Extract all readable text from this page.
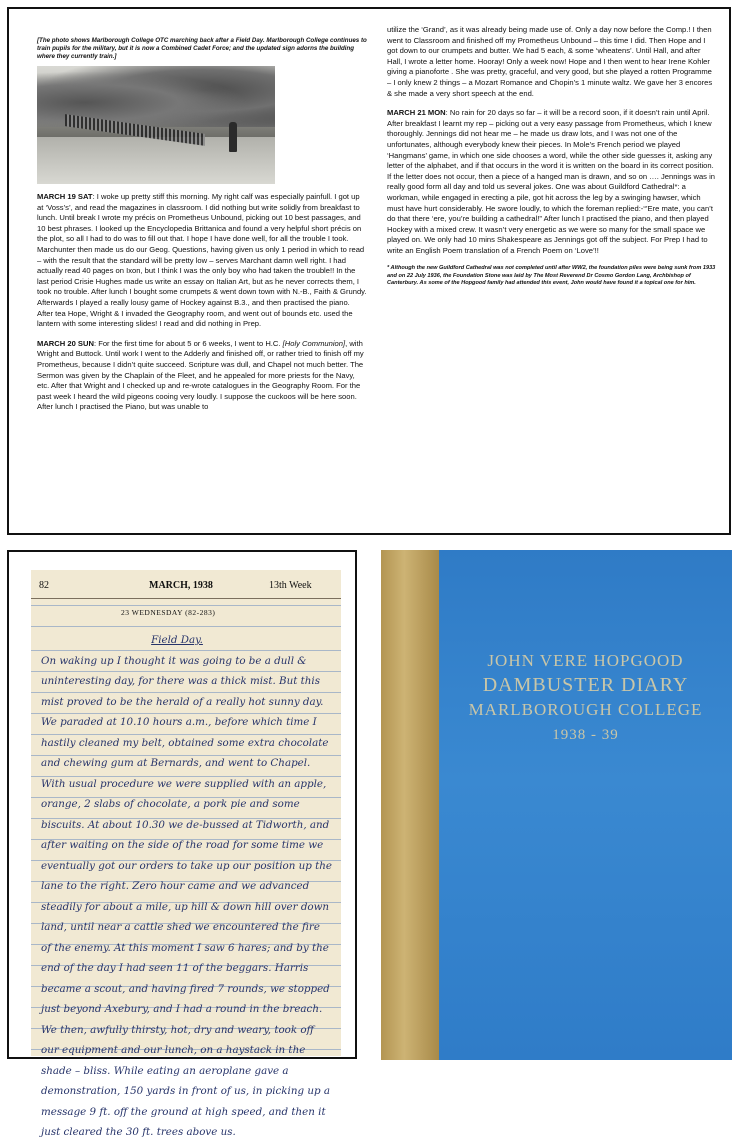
[The photo shows Marlborough College OTC marching back after a Field Day. Marlborough College continues to train pupils for the military, but it is now a Combined Cadet Force; and the updated sign adorns the building where they currently train.]

MARCH 19 SAT: I woke up pretty stiff this morning. My right calf was especially painfull. I got up at ‘Voss’s’, and read the magazines in classroom. I did nothing but write solidly from breakfast to lunch. Until break I wrote my précis on Prometheus Unbound, picking out 10 best passages, and 10 best phrases. I looked up the Encyclopedia Brittanica and found a very helpful short précis on the plot, so all I had to do was to fill out that. I hope I have done well, for all the trouble I took. Marchunter then made us do our Geog. Questions, having given us only 1 period in which to read – with the result that the standard will be pretty low – serves Marchant damn well right. I had actually read 40 pages on Ixon, but I think I was the only boy who had taken the trouble!! In the last period Crisie Hughes made us write an essay on Italian Art, but as he never corrects them, I took no trouble. After lunch I bought some crumpets & went down town with N.-B., Faith & Grundy. Afterwards I played a really lousy game of Hockey against B.3., and then practised the piano. After tea Hope, Wright & I invaded the Geography room, and went out of bounds etc. used the lantern with some interesting slides! I read and did nothing in Prep.

MARCH 20 SUN: For the first time for about 5 or 6 weeks, I went to H.C. [Holy Communion], with Wright and Buttock. Until work I went to the Adderly and finished off, or rather tried to finish off my Prometheus, because I didn’t quite succeed. Scripture was dull, and Chapel not much better. The Sermon was given by the Chaplain of the Fleet, and he appealed for more priests for the Navy, etc. After that Wright and I checked up and re-wrote catalogues in the Geography Room. For the past week I heard the wild pigeons cooing very loudly. I suppose the cuckoos will be here soon. After lunch I practised the Piano, but was unable to

utilize the ‘Grand’, as it was already being made use of. Only a day now before the Comp.! I then went to Classroom and finished off my Prometheus Unbound – this time I did. Then Hope and I got down to our crumpets and butter. We had 5 each, & some ‘wheatens’. Until Hall, and after Hall, I wrote a letter home. Hooray! Only a week now! Hope and I then went to hear Irene Kohler giving a pianoforte . She was pretty, graceful, and very good, but she played a rotten Programme – I only knew 2 things – a Mozart Romance and Chopin’s 1 minute waltz. We gave her 3 encores & she made a very short speech at the end.

MARCH 21 MON: No rain for 20 days so far – it will be a record soon, if it doesn’t rain until April. After breakfast I learnt my rep – picking out a very easy passage from Prometheus, which I knew thoroughly. Jennings did not hear me – he made us draw lots, and I was not one of the unfortunates, although everybody knew their pieces. In Mole’s French period we played ‘Hangmans’ game, in which one side chooses a word, while the other side guesses it, asking any letter of the alphabet, and if that occurs in the word it is written on the board in its correct position. If the letter does not occur, then a piece of a hanged man is drawn, and so on …. Jennings was in really good form all day and told us several jokes. One was about Guildford Cathedral*: a workman, while engaged in erecting a pile, got hit across the leg by a swinging hawser, which must have hurt considerably. He swore loudly, to which the foreman replied:-“’Ere mate, you can’t do that there ‘ere, you’re building a cathedral!” After lunch I practised the piano, and then played Hockey with a mixed crew. It wasn’t very energetic as we were so many for the small space we played on. We only had 10 mins Shakespeare as Jennings got off the subject. For Prep I had to write an English Poem translation of a French Poem on ‘Love’!!

* Although the new Guildford Cathedral was not completed until after WW2, the foundation piles were being sunk from 1933 and on 22 July 1936, the Foundation Stone was laid by The Most Reverend Dr Cosmo Gordon Lang, Archbishop of Canterbury. As some of the Hopgood family had attended this event, John would have found it a topical one for him.

82	MARCH, 1938	13th Week
23 WEDNESDAY (82-283)
Field Day.
On waking up I thought it was going to be a dull & uninteresting day, for there was a thick mist. But this mist proved to be the herald of a really hot sunny day. We paraded at 10.10 hours a.m., before which time I hastily cleaned my belt, obtained some extra chocolate and chewing gum at Bernards, and went to Chapel. With usual procedure we were supplied with an apple, orange, 2 slabs of chocolate, a pork pie and some biscuits. At about 10.30 we de-bussed at Tidworth, and after waiting on the side of the road for some time we eventually got our orders to take up our position up the lane to the right. Zero hour came and we advanced steadily for about a mile, up hill & down hill over down land, until near a cattle shed we encountered the fire of the enemy. At this moment I saw 6 hares; and by the end of the day I had seen 11 of the beggars. Harris became a scout, and having fired 7 rounds, we stopped just beyond Axebury, and I had a round in the breach. We then, awfully thirsty, hot, dry and weary, took off our equipment and our lunch, on a haystack in the shade – bliss. While eating an aeroplane gave a demonstration, 150 yards in front of us, in picking up a message 9 ft. off the ground at high speed, and then it just cleared the 30 ft. trees above us.
JOHN VERE HOPGOOD
DAMBUSTER DIARY
MARLBOROUGH COLLEGE
1938 - 39
